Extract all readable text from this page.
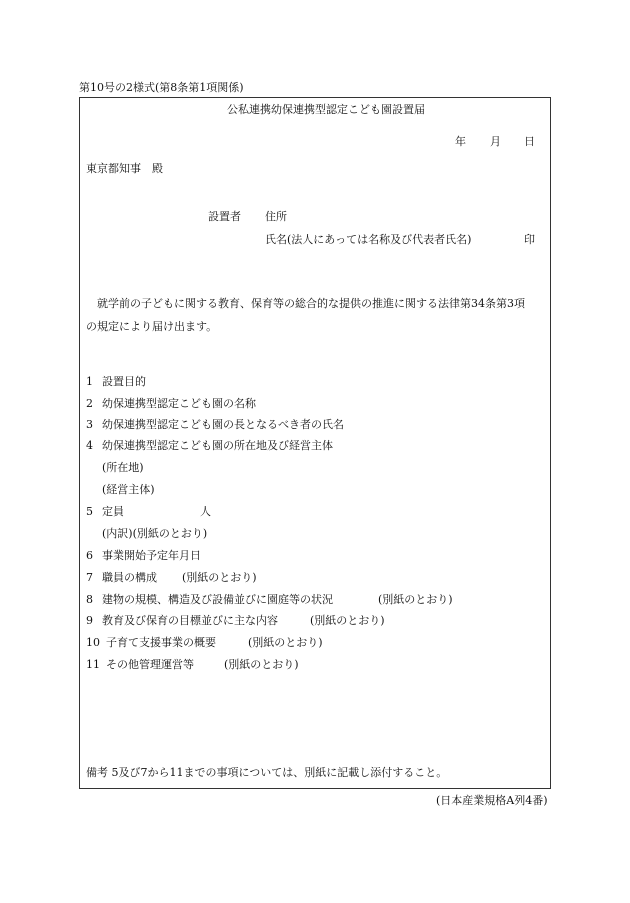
第10号の2様式(第8条第1項関係)
公私連携幼保連携型認定こども園設置届
年 月 日
東京都知事 殿
設置者 住所
氏名(法人にあっては名称及び代表者氏名)	印
就学前の子どもに関する教育、保育等の総合的な提供の推進に関する法律第34条第3項
の規定により届け出ます。
1 設置目的
2 幼保連携型認定こども園の名称
3 幼保連携型認定こども園の長となるべき者の氏名
4 幼保連携型認定こども園の所在地及び経営主体
(所在地)
(経営主体)
5 定員	人
(内訳)(別紙のとおり)
6 事業開始予定年月日
7 職員の構成 (別紙のとおり)
8 建物の規模、構造及び設備並びに園庭等の状況	(別紙のとおり)
9 教育及び保育の目標並びに主な内容	(別紙のとおり)
10 子育て支援事業の概要	(別紙のとおり)
11 その他管理運営等	(別紙のとおり)
備考 5及び7から11までの事項については、別紙に記載し添付すること。
(日本産業規格A列4番)
